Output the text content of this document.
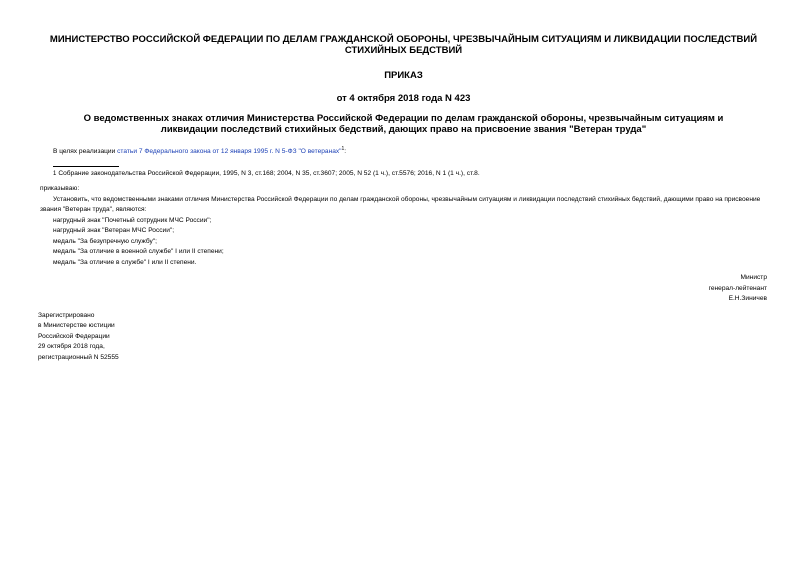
МИНИСТЕРСТВО РОССИЙСКОЙ ФЕДЕРАЦИИ ПО ДЕЛАМ ГРАЖДАНСКОЙ ОБОРОНЫ, ЧРЕЗВЫЧАЙНЫМ СИТУАЦИЯМ И ЛИКВИДАЦИИ ПОСЛЕДСТВИЙ СТИХИЙНЫХ БЕДСТВИЙ
ПРИКАЗ
от 4 октября 2018 года N 423
О ведомственных знаках отличия Министерства Российской Федерации по делам гражданской обороны, чрезвычайным ситуациям и ликвидации последствий стихийных бедствий, дающих право на присвоение звания "Ветеран труда"
В целях реализации статьи 7 Федерального закона от 12 января 1995 г. N 5-ФЗ "О ветеранах"$^1$:
1 Собрание законодательства Российской Федерации, 1995, N 3, ст.168; 2004, N 35, ст.3607; 2005, N 52 (1 ч.), ст.5576; 2016, N 1 (1 ч.), ст.8.
приказываю:
Установить, что ведомственными знаками отличия Министерства Российской Федерации по делам гражданской обороны, чрезвычайным ситуациям и ликвидации последствий стихийных бедствий, дающими право на присвоение звания "Ветеран труда", являются:
нагрудный знак "Почетный сотрудник МЧС России";
нагрудный знак "Ветеран МЧС России";
медаль "За безупречную службу";
медаль "За отличие в военной службе" I или II степени;
медаль "За отличие в службе" I или II степени.
Министр
генерал-лейтенант
Е.Н.Зиничев
Зарегистрировано
в Министерстве юстиции
Российской Федерации
29 октября 2018 года,
регистрационный N 52555
